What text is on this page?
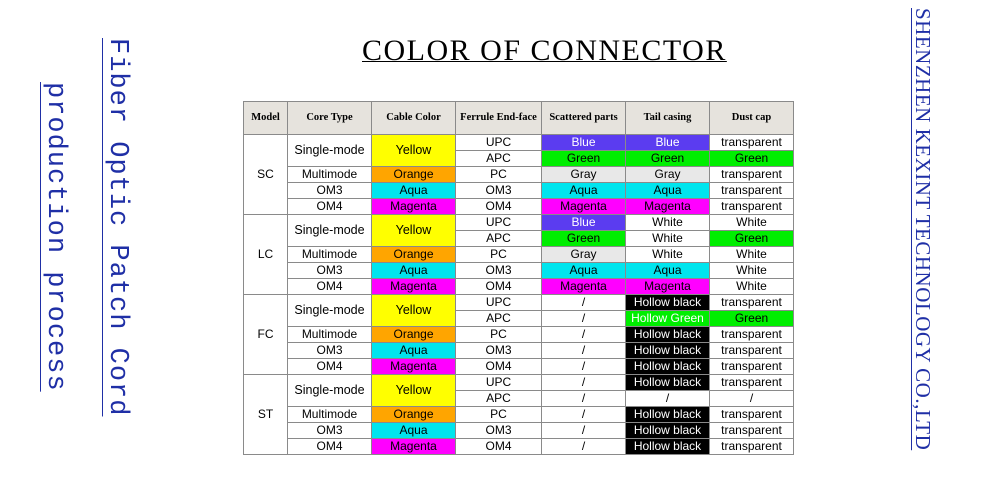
Fiber Optic Patch Cord
production process	SHENZHEN KEXINT TECHNOLOGY CO.,LTD
COLOR OF CONNECTOR
Model	Core Type	Cable Color	Ferrule End-face	Scattered parts	Tail casing	Dust cap
SC	Single-mode	Yellow	UPC	Blue	Blue	transparent
			APC	Green	Green	Green
	Multimode	Orange	PC	Gray	Gray	transparent
	OM3	Aqua	OM3	Aqua	Aqua	transparent
	OM4	Magenta	OM4	Magenta	Magenta	transparent
LC	Single-mode	Yellow	UPC	Blue	White	White
			APC	Green	White	Green
	Multimode	Orange	PC	Gray	White	White
	OM3	Aqua	OM3	Aqua	Aqua	White
	OM4	Magenta	OM4	Magenta	Magenta	White
FC	Single-mode	Yellow	UPC	/	Hollow black	transparent
			APC	/	Hollow Green	Green
	Multimode	Orange	PC	/	Hollow black	transparent
	OM3	Aqua	OM3	/	Hollow black	transparent
	OM4	Magenta	OM4	/	Hollow black	transparent
ST	Single-mode	Yellow	UPC	/	Hollow black	transparent
			APC	/	/	/
	Multimode	Orange	PC	/	Hollow black	transparent
	OM3	Aqua	OM3	/	Hollow black	transparent
	OM4	Magenta	OM4	/	Hollow black	transparent
